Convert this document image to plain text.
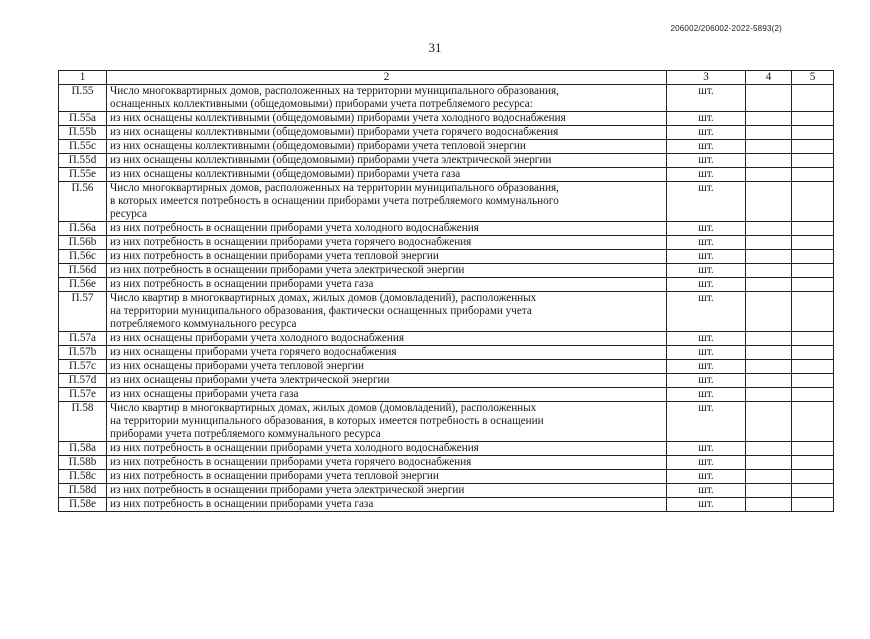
206002/206002-2022-5893(2)
31
1	2	3	4	5

П.55	Число многоквартирных домов, расположенных на территории муниципального образования,
оснащенных коллективными (общедомовыми) приборами учета потребляемого ресурса:	шт.		

П.55а	из них оснащены коллективными (общедомовыми) приборами учета холодного водоснабжения	шт.		

П.55b	из них оснащены коллективными (общедомовыми) приборами учета горячего водоснабжения	шт.		

П.55c	из них оснащены коллективными (общедомовыми) приборами учета тепловой энергии	шт.		

П.55d	из них оснащены коллективными (общедомовыми) приборами учета электрической энергии	шт.		

П.55e	из них оснащены коллективными (общедомовыми) приборами учета газа	шт.		

П.56	Число многоквартирных домов, расположенных на территории муниципального образования,
в которых имеется потребность в оснащении приборами учета потребляемого коммунального
ресурса	шт.		

П.56а	из них потребность в оснащении приборами учета холодного водоснабжения	шт.		

П.56b	из них потребность в оснащении приборами учета горячего водоснабжения	шт.		

П.56c	из них потребность в оснащении приборами учета тепловой энергии	шт.		

П.56d	из них потребность в оснащении приборами учета электрической энергии	шт.		

П.56e	из них потребность в оснащении приборами учета газа	шт.		

П.57	Число квартир в многоквартирных домах, жилых домов (домовладений), расположенных
на территории муниципального образования, фактически оснащенных приборами учета
потребляемого коммунального ресурса	шт.		

П.57а	из них оснащены приборами учета холодного водоснабжения	шт.		

П.57b	из них оснащены приборами учета горячего водоснабжения	шт.		

П.57c	из них оснащены приборами учета тепловой энергии	шт.		

П.57d	из них оснащены приборами учета электрической энергии	шт.		

П.57e	из них оснащены приборами учета газа	шт.		

П.58	Число квартир в многоквартирных домах, жилых домов (домовладений), расположенных
на территории муниципального образования, в которых имеется потребность в оснащении
приборами учета потребляемого коммунального ресурса	шт.		

П.58а	из них потребность в оснащении приборами учета холодного водоснабжения	шт.		

П.58b	из них потребность в оснащении приборами учета горячего водоснабжения	шт.		

П.58c	из них потребность в оснащении приборами учета тепловой энергии	шт.		

П.58d	из них потребность в оснащении приборами учета электрической энергии	шт.		

П.58e	из них потребность в оснащении приборами учета газа	шт.		
